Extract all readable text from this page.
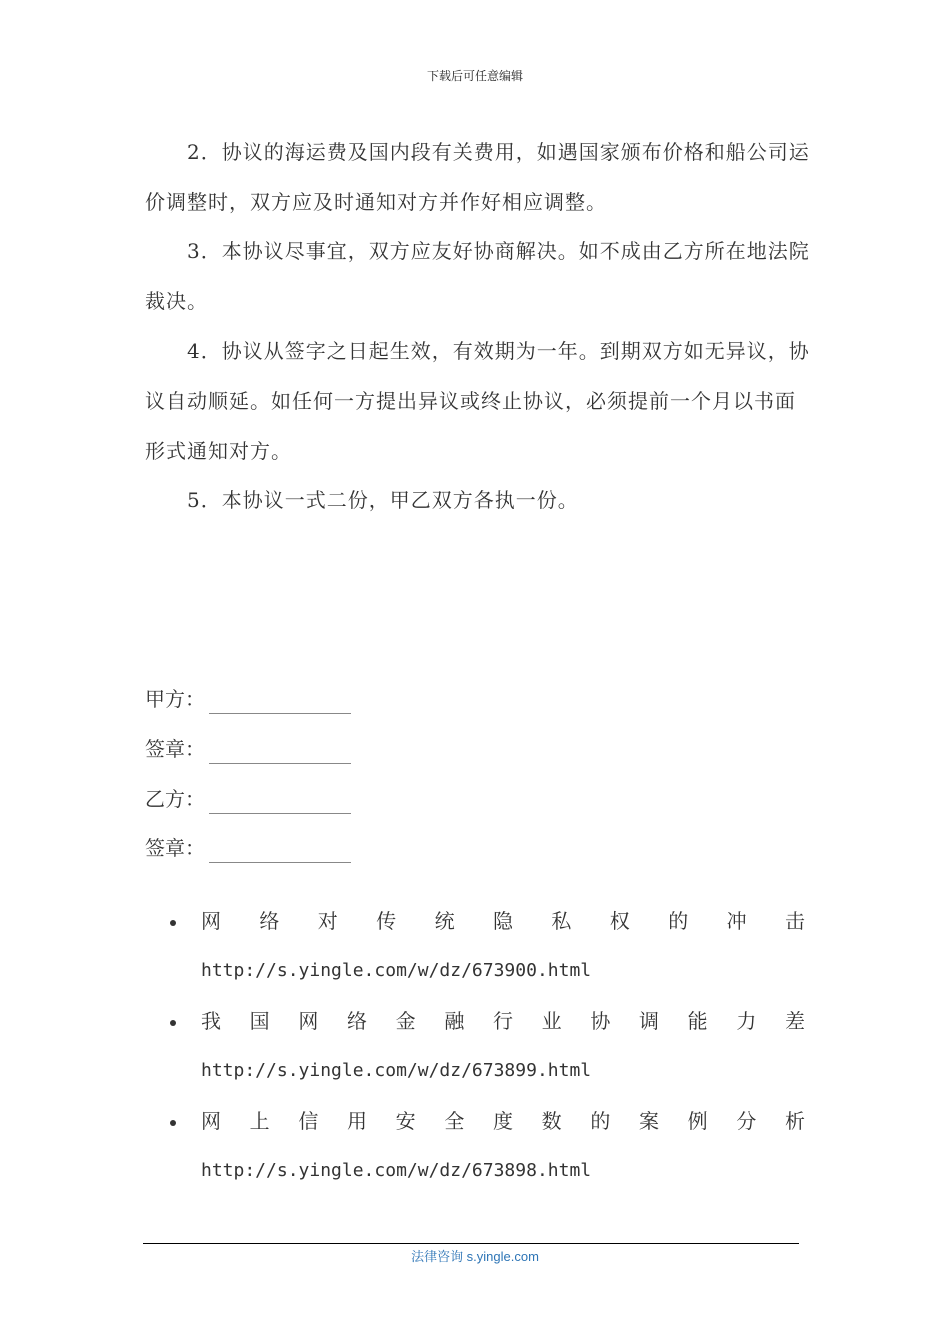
下载后可任意编辑
2．协议的海运费及国内段有关费用，如遇国家颁布价格和船公司运价调整时，双方应及时通知对方并作好相应调整。
3．本协议尽事宜，双方应友好协商解决。如不成由乙方所在地法院裁决。
4．协议从签字之日起生效，有效期为一年。到期双方如无异议，协议自动顺延。如任何一方提出异议或终止协议，必须提前一个月以书面形式通知对方。
5．本协议一式二份，甲乙双方各执一份。
甲方：
签章：
乙方：
签章：
网络对传统隐私权的冲击
http://s.yingle.com/w/dz/673900.html
我国网络金融行业协调能力差
http://s.yingle.com/w/dz/673899.html
网上信用安全度数的案例分析
http://s.yingle.com/w/dz/673898.html
法律咨询 s.yingle.com
